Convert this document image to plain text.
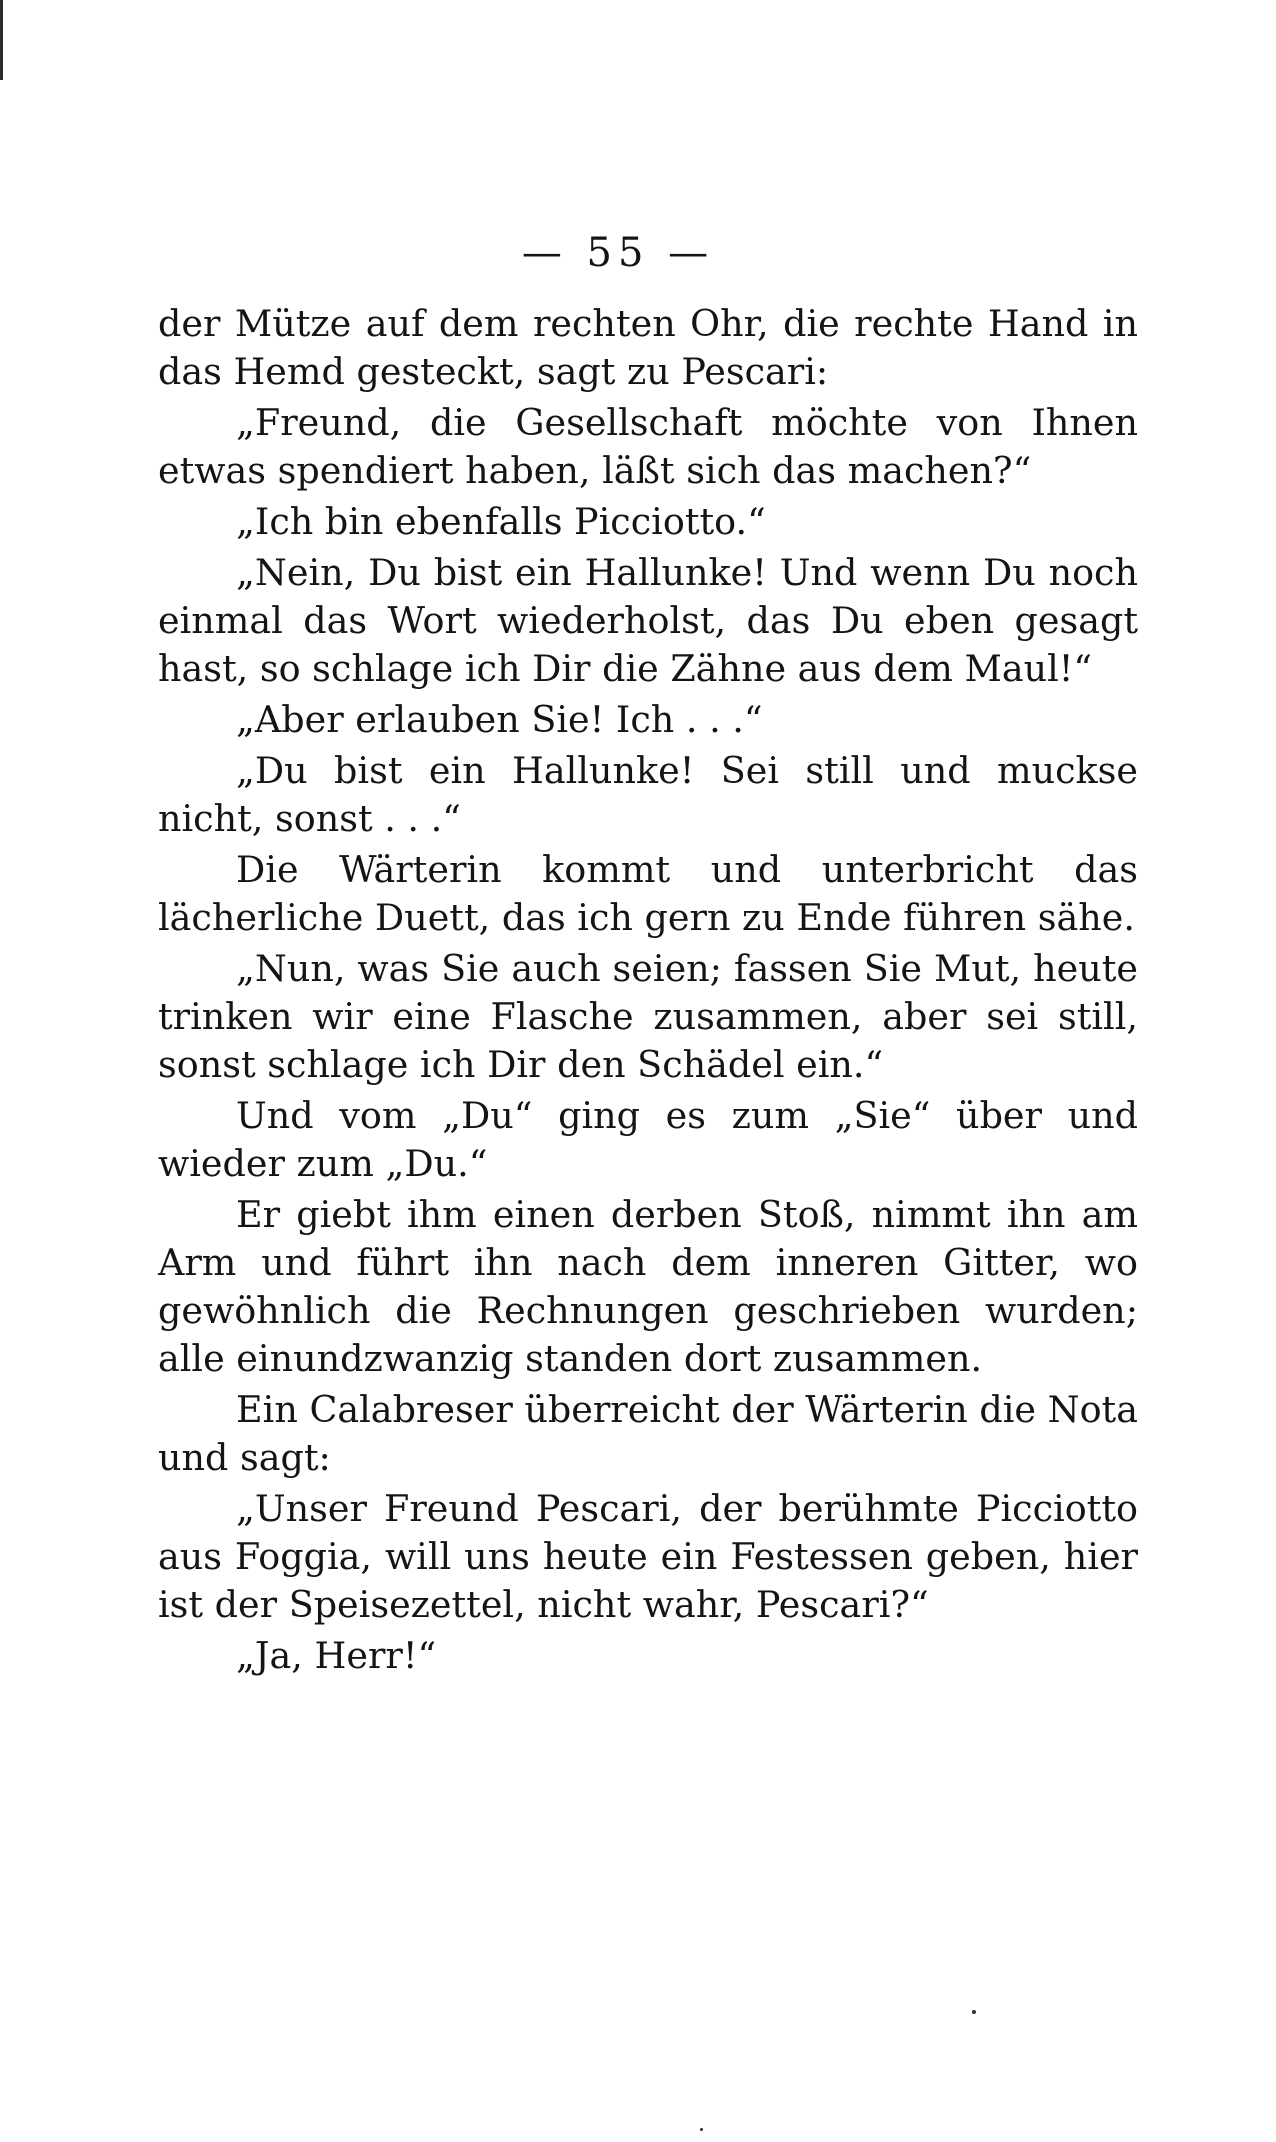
— 55 —

der Mütze auf dem rechten Ohr, die rechte Hand in das Hemd gesteckt, sagt zu Pescari:

„Freund, die Gesellschaft möchte von Ihnen etwas spendiert haben, läßt sich das machen?“

„Ich bin ebenfalls Picciotto.“

„Nein, Du bist ein Hallunke! Und wenn Du noch einmal das Wort wiederholst, das Du eben gesagt hast, so schlage ich Dir die Zähne aus dem Maul!“

„Aber erlauben Sie! Ich . . .“

„Du bist ein Hallunke! Sei still und muckse nicht, sonst . . .“

Die Wärterin kommt und unterbricht das lächerliche Duett, das ich gern zu Ende führen sähe.

„Nun, was Sie auch seien; fassen Sie Mut, heute trinken wir eine Flasche zusammen, aber sei still, sonst schlage ich Dir den Schädel ein.“

Und vom „Du“ ging es zum „Sie“ über und wieder zum „Du.“

Er giebt ihm einen derben Stoß, nimmt ihn am Arm und führt ihn nach dem inneren Gitter, wo gewöhnlich die Rechnungen geschrieben wurden; alle einundzwanzig standen dort zusammen.

Ein Calabreser überreicht der Wärterin die Nota und sagt:

„Unser Freund Pescari, der berühmte Picciotto aus Foggia, will uns heute ein Festessen geben, hier ist der Speisezettel, nicht wahr, Pescari?“

„Ja, Herr!“
